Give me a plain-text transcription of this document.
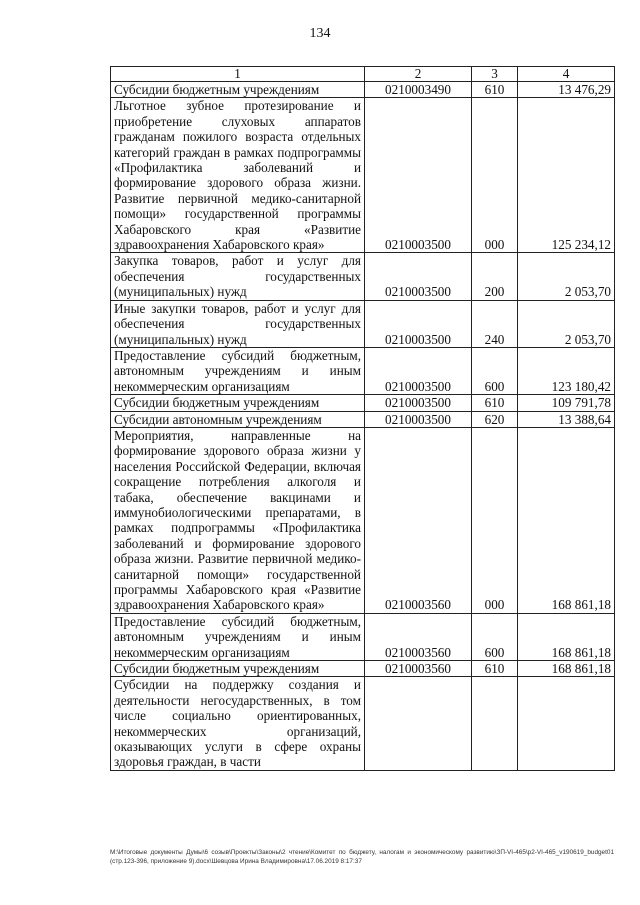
134
1	2	3	4
Субсидии бюджетным учреждениям	0210003490	610	13 476,29
Льготное зубное протезирование и приобретение слуховых аппаратов гражданам пожилого возраста отдельных категорий граждан в рамках подпрограммы «Профилактика заболеваний и формирование здорового образа жизни. Развитие первичной медико-санитарной помощи» государственной программы Хабаровского края «Развитие здравоохранения Хабаровского края»	0210003500	000	125 234,12
Закупка товаров, работ и услуг для обеспечения государственных (муниципальных) нужд	0210003500	200	2 053,70
Иные закупки товаров, работ и услуг для обеспечения государственных (муниципальных) нужд	0210003500	240	2 053,70
Предоставление субсидий бюджетным, автономным учреждениям и иным некоммерческим организациям	0210003500	600	123 180,42
Субсидии бюджетным учреждениям	0210003500	610	109 791,78
Субсидии автономным учреждениям	0210003500	620	13 388,64
Мероприятия, направленные на формирование здорового образа жизни у населения Российской Федерации, включая сокращение потребления алкоголя и табака, обеспечение вакцинами и иммунобиологическими препаратами, в рамках подпрограммы «Профилактика заболеваний и формирование здорового образа жизни. Развитие первичной медико-санитарной помощи» государственной программы Хабаровского края «Развитие здравоохранения Хабаровского края»	0210003560	000	168 861,18
Предоставление субсидий бюджетным, автономным учреждениям и иным некоммерческим организациям	0210003560	600	168 861,18
Субсидии бюджетным учреждениям	0210003560	610	168 861,18
Субсидии на поддержку создания и деятельности негосударственных, в том числе социально ориентированных, некоммерческих организаций, оказывающих услуги в сфере охраны здоровья граждан, в части			
М:\Итоговые документы Думы\6 созыв\Проекты\Законы\2 чтение\Комитет по бюджету, налогам и экономическому развитию\ЗП-VI-465\р2-VI-465_v190619_budget01 (стр.123-396, приложение 9).docx\Шевцова Ирина Владимировна\17.06.2019 8:17:37
